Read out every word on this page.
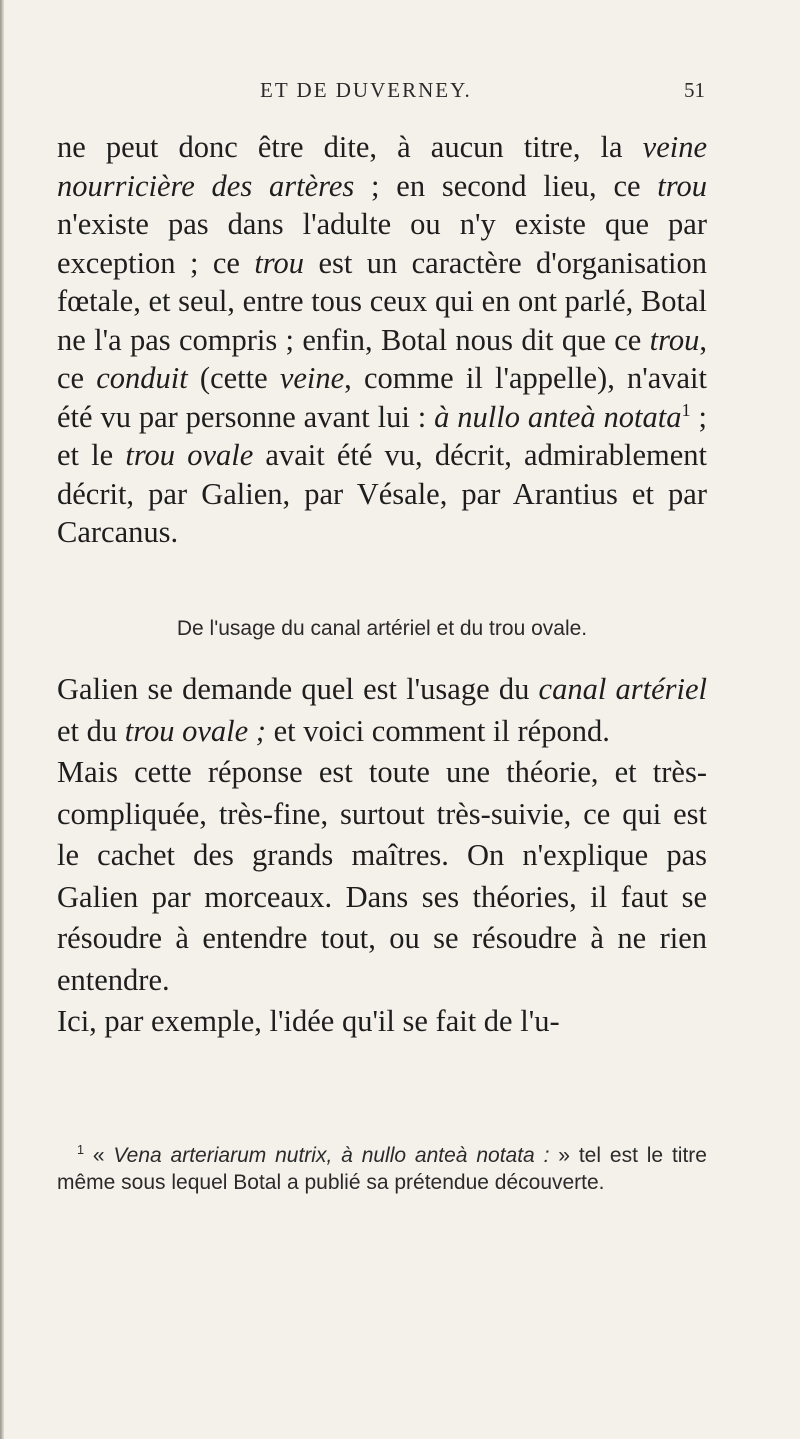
ET DE DUVERNEY.	51

ne peut donc être dite, à aucun titre, la veine nourricière des artères ; en second lieu, ce trou n'existe pas dans l'adulte ou n'y existe que par exception ; ce trou est un caractère d'organisation fœtale, et seul, entre tous ceux qui en ont parlé, Botal ne l'a pas compris ; enfin, Botal nous dit que ce trou, ce conduit (cette veine, comme il l'appelle), n'avait été vu par personne avant lui : à nullo anteà notata$^1$ ; et le trou ovale avait été vu, décrit, admirablement décrit, par Galien, par Vésale, par Arantius et par Carcanus.

De l'usage du canal artériel et du trou ovale.

Galien se demande quel est l'usage du canal artériel et du trou ovale ; et voici comment il répond.

Mais cette réponse est toute une théorie, et très-compliquée, très-fine, surtout très-suivie, ce qui est le cachet des grands maîtres. On n'explique pas Galien par morceaux. Dans ses théories, il faut se résoudre à entendre tout, ou se résoudre à ne rien entendre.

Ici, par exemple, l'idée qu'il se fait de l'u-

$^1$ « Vena arteriarum nutrix, à nullo anteà notata : » tel est le titre même sous lequel Botal a publié sa prétendue découverte.
